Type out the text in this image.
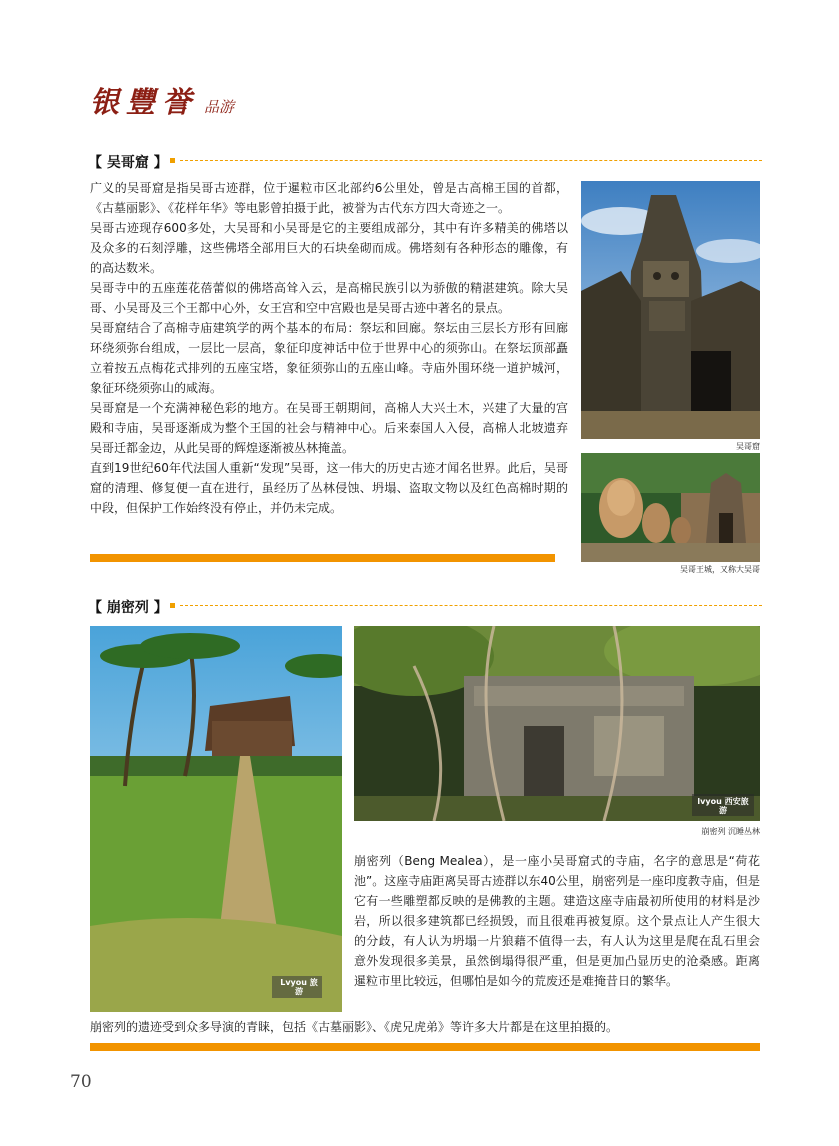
银豐誉 品游
【 吴哥窟 】

广义的吴哥窟是指吴哥古迹群，位于暹粒市区北部约6公里处，曾是古高棉王国的首都，《古墓丽影》、《花样年华》等电影曾拍摄于此，被誉为古代东方四大奇迹之一。

吴哥古迹现存600多处，大吴哥和小吴哥是它的主要组成部分，其中有许多精美的佛塔以及众多的石刻浮雕，这些佛塔全部用巨大的石块垒砌而成。佛塔刻有各种形态的雕像，有的高达数米。

吴哥寺中的五座莲花蓓蕾似的佛塔高耸入云，是高棉民族引以为骄傲的精湛建筑。除大吴哥、小吴哥及三个王都中心外，女王宫和空中宫殿也是吴哥古迹中著名的景点。

吴哥窟结合了高棉寺庙建筑学的两个基本的布局：祭坛和回廊。祭坛由三层长方形有回廊环绕须弥台组成，一层比一层高，象征印度神话中位于世界中心的须弥山。在祭坛顶部矗立着按五点梅花式排列的五座宝塔，象征须弥山的五座山峰。寺庙外围环绕一道护城河，象征环绕须弥山的咸海。

吴哥窟是一个充满神秘色彩的地方。在吴哥王朝期间，高棉人大兴土木，兴建了大量的宫殿和寺庙，吴哥逐渐成为整个王国的社会与精神中心。后来泰国人入侵，高棉人北坡遗弃吴哥迁都金边，从此吴哥的辉煌逐渐被丛林掩盖。

直到19世纪60年代法国人重新“发现”吴哥，这一伟大的历史古迹才闻名世界。此后，吴哥窟的清理、修复便一直在进行，虽经历了丛林侵蚀、坍塌、盗取文物以及红色高棉时期的中段，但保护工作始终没有停止，并仍未完成。

吴哥窟
吴哥王城，又称大吴哥
【 崩密列 】
Lvyou 旅游
lvyou 西安旅游
崩密列 沉睡丛林

崩密列（Beng Mealea），是一座小吴哥窟式的寺庙，名字的意思是“荷花池”。这座寺庙距离吴哥古迹群以东40公里，崩密列是一座印度教寺庙，但是它有一些雕塑都反映的是佛教的主题。建造这座寺庙最初所使用的材料是沙岩，所以很多建筑都已经损毁，而且很难再被复原。这个景点让人产生很大的分歧，有人认为坍塌一片狼藉不值得一去，有人认为这里是爬在乱石里会意外发现很多美景，虽然倒塌得很严重，但是更加凸显历史的沧桑感。距离暹粒市里比较远，但哪怕是如今的荒废还是难掩昔日的繁华。

崩密列的遗迹受到众多导演的青睐，包括《古墓丽影》、《虎兄虎弟》等许多大片都是在这里拍摄的。

70
